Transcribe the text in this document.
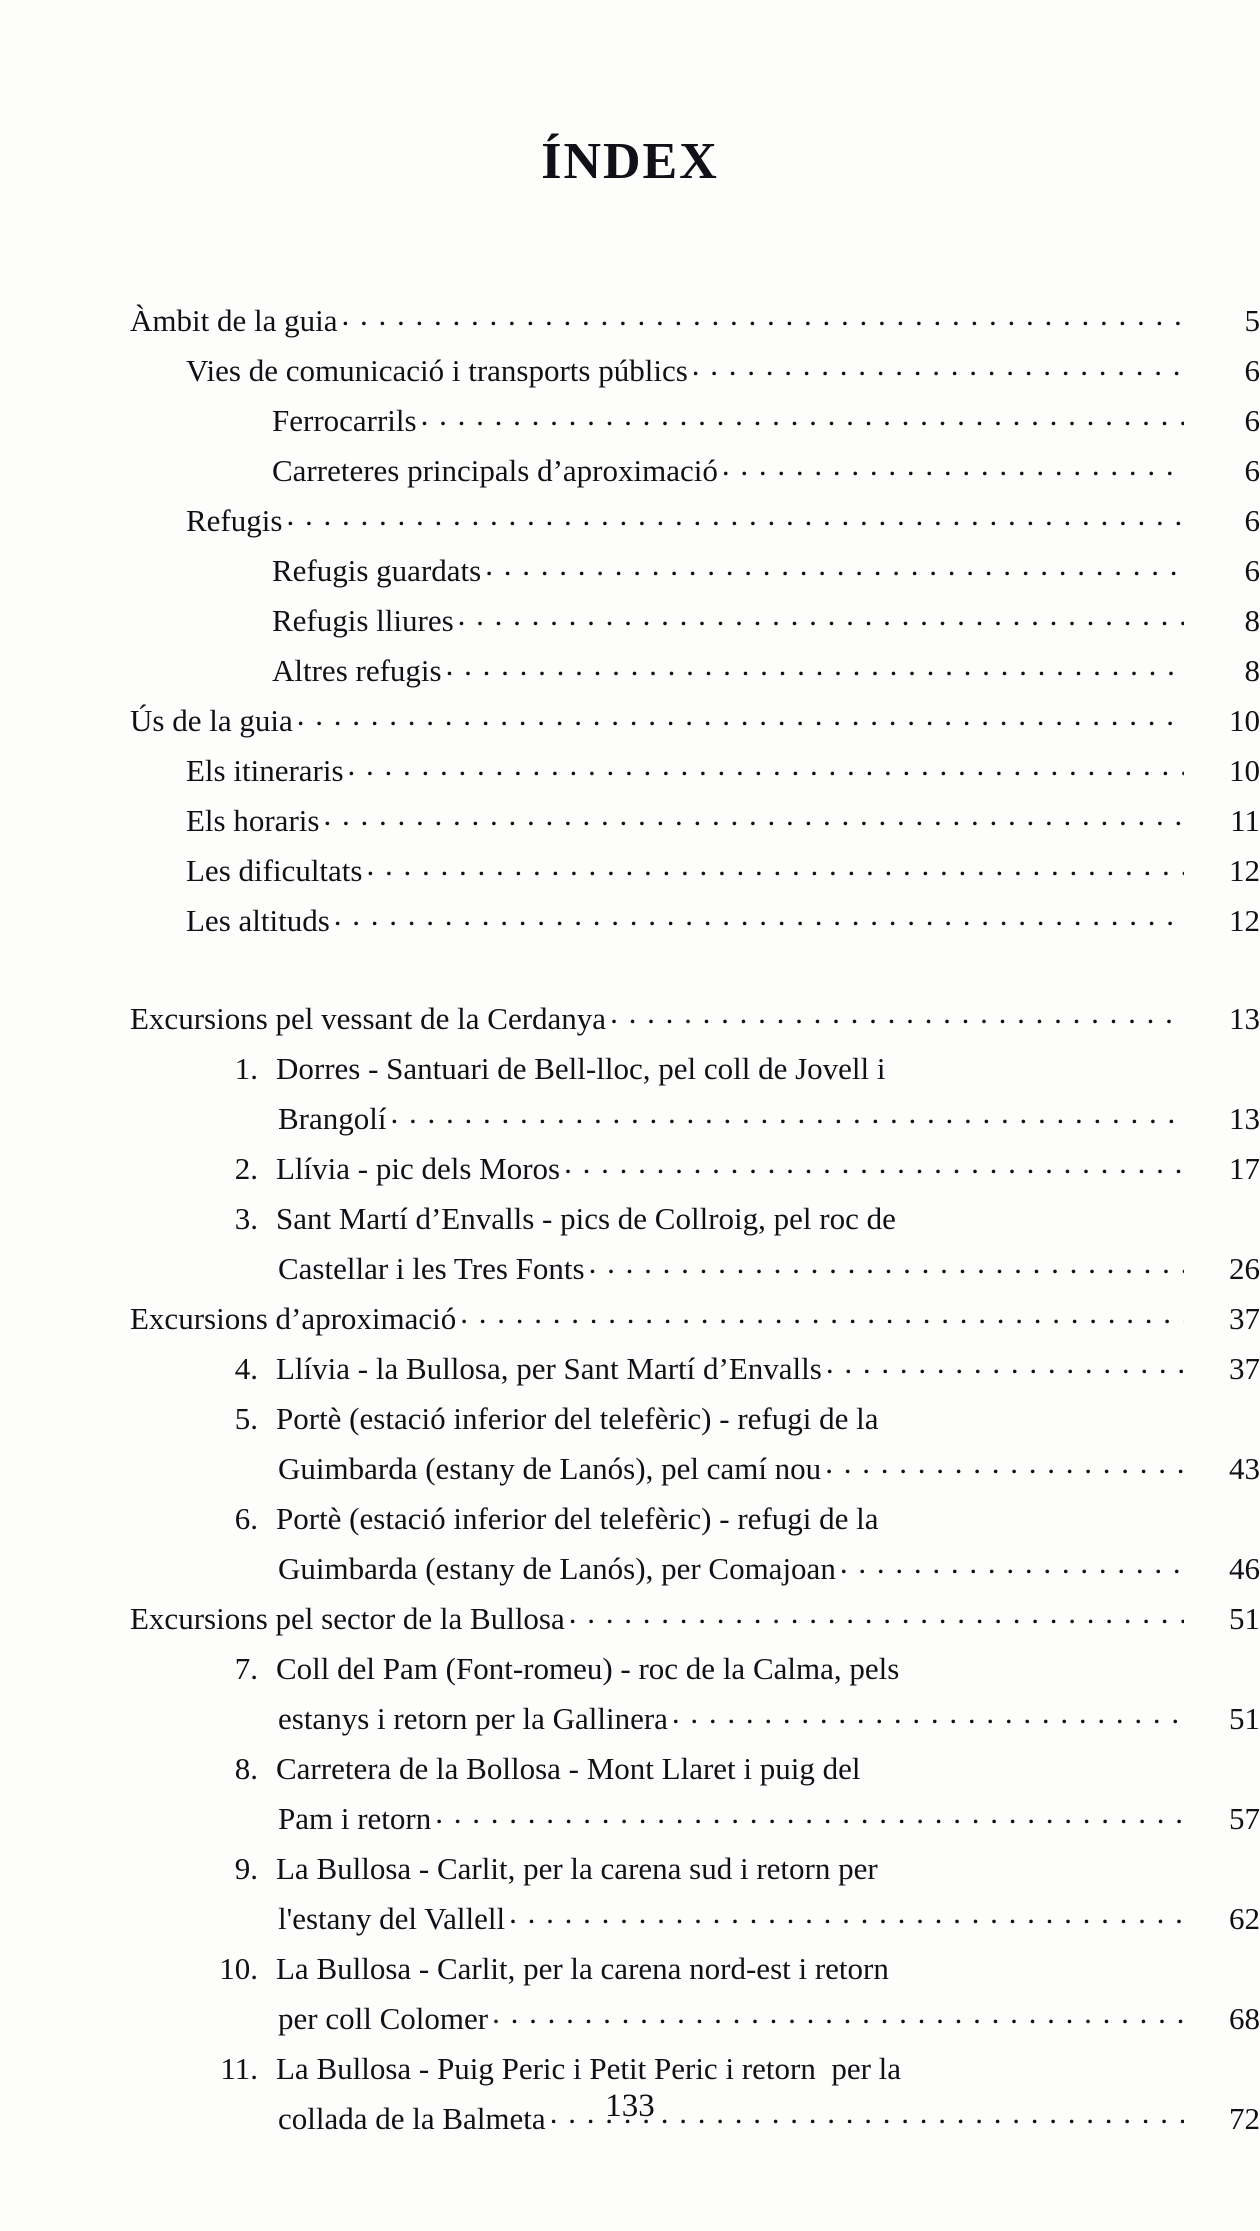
ÍNDEX
Àmbit de la guia . . .	5
Vies de comunicació i transports públics . . .	6
Ferrocarrils . . .	6
Carreteres principals d’aproximació . . .	6
Refugis . . .	6
Refugis guardats . . .	6
Refugis lliures . . .	8
Altres refugis . . .	8
Ús de la guia . . .	10
Els itineraris . . .	10
Els horaris . . .	11
Les dificultats . . .	12
Les altituds . . .	12
Excursions pel vessant de la Cerdanya . . .	13
1. Dorres - Santuari de Bell-lloc, pel coll de Jovell i
Brangolí . . .	13
2. Llívia - pic dels Moros . . .	17
3. Sant Martí d’Envalls - pics de Collroig, pel roc de
Castellar i les Tres Fonts . . .	26
Excursions d’aproximació . . .	37
4. Llívia - la Bullosa, per Sant Martí d’Envalls . . .	37
5. Portè (estació inferior del telefèric) - refugi de la
Guimbarda (estany de Lanós), pel camí nou . . .	43
6. Portè (estació inferior del telefèric) - refugi de la
Guimbarda (estany de Lanós), per Comajoan . . .	46
Excursions pel sector de la Bullosa . . .	51
7. Coll del Pam (Font-romeu) - roc de la Calma, pels
estanys i retorn per la Gallinera . . .	51
8. Carretera de la Bollosa - Mont Llaret i puig del
Pam i retorn . . .	57
9. La Bullosa - Carlit, per la carena sud i retorn per
l'estany del Vallell . . .	62
10. La Bullosa - Carlit, per la carena nord-est i retorn
per coll Colomer . . .	68
11. La Bullosa - Puig Peric i Petit Peric i retorn  per la
collada de la Balmeta . . .	72
133
